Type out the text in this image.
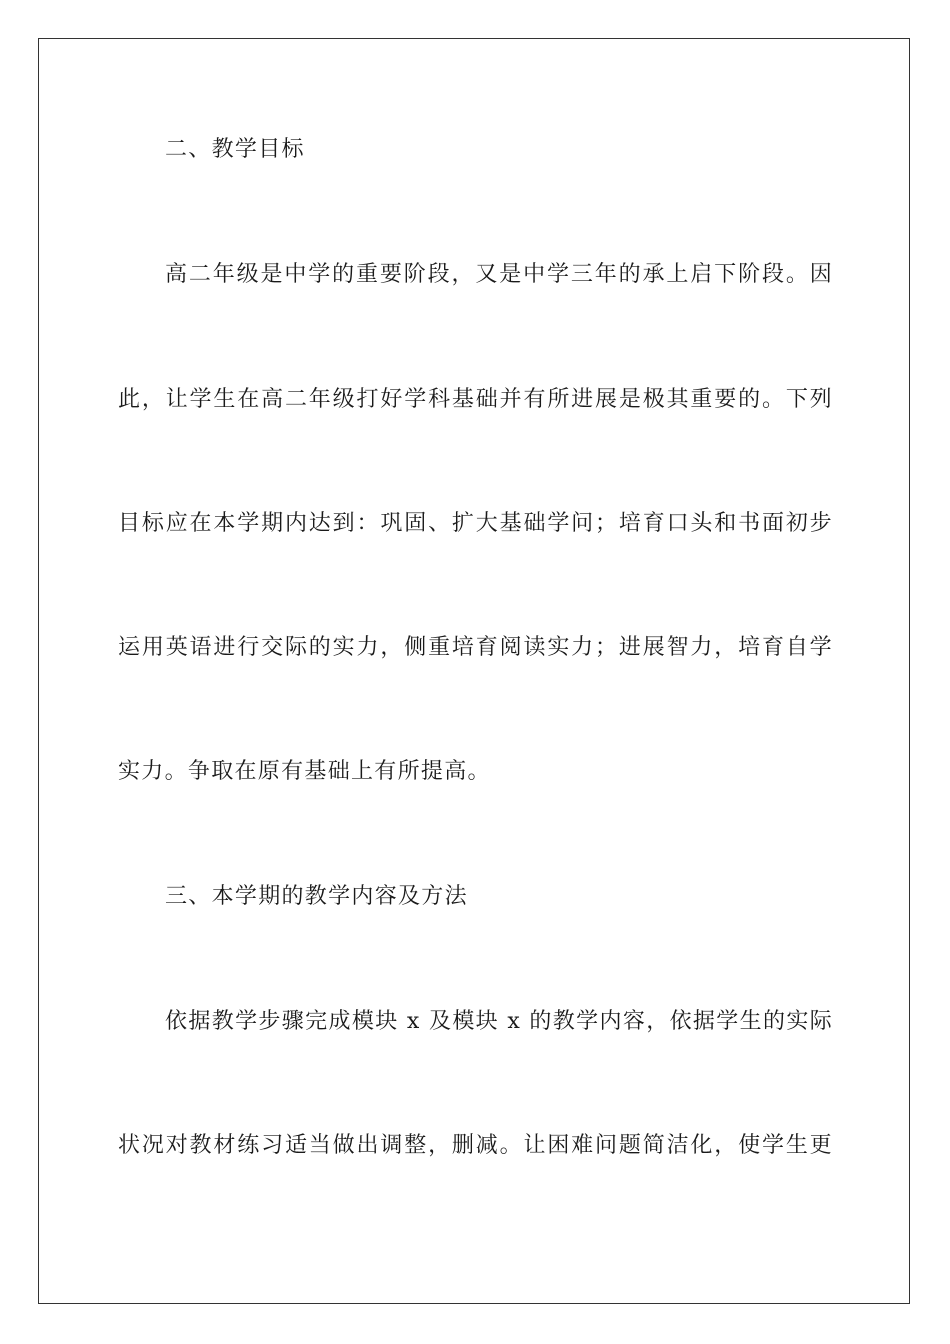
二、教学目标
高二年级是中学的重要阶段，又是中学三年的承上启下阶段。因
此，让学生在高二年级打好学科基础并有所进展是极其重要的。下列
目标应在本学期内达到：巩固、扩大基础学问；培育口头和书面初步
运用英语进行交际的实力，侧重培育阅读实力；进展智力，培育自学
实力。争取在原有基础上有所提高。
三、本学期的教学内容及方法
依据教学步骤完成模块 x 及模块 x 的教学内容，依据学生的实际
状况对教材练习适当做出调整，删减。让困难问题简洁化，使学生更
